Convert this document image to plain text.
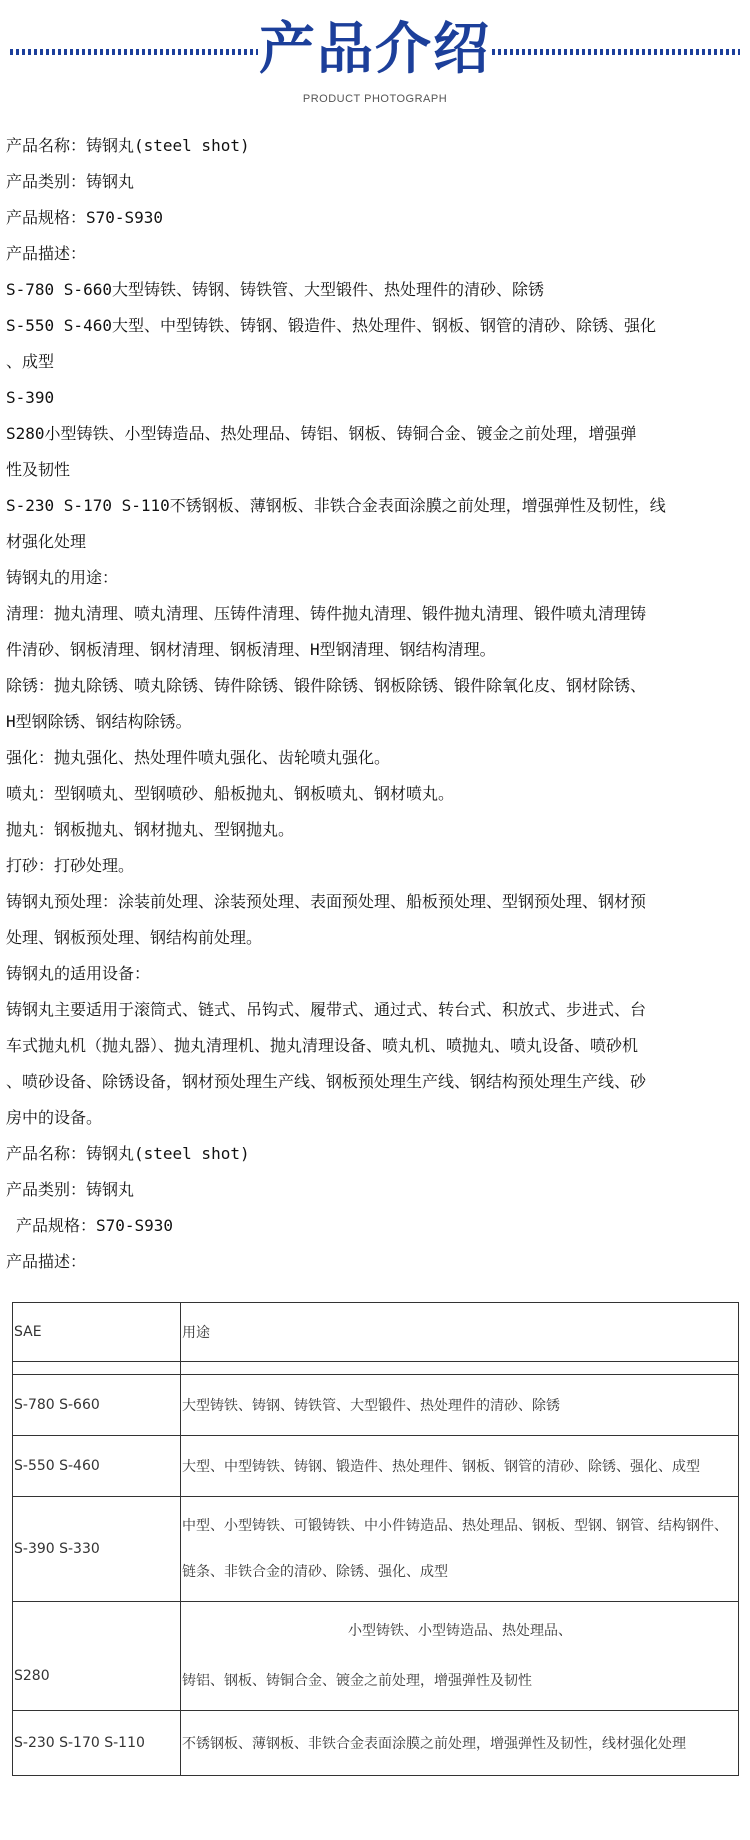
产品介绍
PRODUCT PHOTOGRAPH

产品名称：铸钢丸(steel shot)

产品类别：铸钢丸

产品规格：S70-S930

产品描述：

S-780 S-660大型铸铁、铸钢、铸铁管、大型锻件、热处理件的清砂、除锈

S-550 S-460大型、中型铸铁、铸钢、锻造件、热处理件、钢板、钢管的清砂、除锈、强化

、成型

S-390

S280小型铸铁、小型铸造品、热处理品、铸铝、钢板、铸铜合金、镀金之前处理，增强弹

性及韧性

S-230 S-170 S-110不锈钢板、薄钢板、非铁合金表面涂膜之前处理，增强弹性及韧性，线

材强化处理

铸钢丸的用途：

清理：抛丸清理、喷丸清理、压铸件清理、铸件抛丸清理、锻件抛丸清理、锻件喷丸清理铸

件清砂、钢板清理、钢材清理、钢板清理、H型钢清理、钢结构清理。

除锈：抛丸除锈、喷丸除锈、铸件除锈、锻件除锈、钢板除锈、锻件除氧化皮、钢材除锈、

H型钢除锈、钢结构除锈。

强化：抛丸强化、热处理件喷丸强化、齿轮喷丸强化。

喷丸：型钢喷丸、型钢喷砂、船板抛丸、钢板喷丸、钢材喷丸。

抛丸：钢板抛丸、钢材抛丸、型钢抛丸。

打砂：打砂处理。

铸钢丸预处理：涂装前处理、涂装预处理、表面预处理、船板预处理、型钢预处理、钢材预

处理、钢板预处理、钢结构前处理。

铸钢丸的适用设备：

铸钢丸主要适用于滚筒式、链式、吊钩式、履带式、通过式、转台式、积放式、步进式、台

车式抛丸机（抛丸器）、抛丸清理机、抛丸清理设备、喷丸机、喷抛丸、喷丸设备、喷砂机

、喷砂设备、除锈设备，钢材预处理生产线、钢板预处理生产线、钢结构预处理生产线、砂

房中的设备。

产品名称：铸钢丸(steel shot)

产品类别：铸钢丸

产品规格：S70-S930

产品描述：

SAE	用途

S-780 S-660	大型铸铁、铸钢、铸铁管、大型锻件、热处理件的清砂、除锈
S-550 S-460	大型、中型铸铁、铸钢、锻造件、热处理件、钢板、钢管的清砂、除锈、强化、成型
S-390 S-330	中型、小型铸铁、可锻铸铁、中小件铸造品、热处理品、钢板、型钢、钢管、结构钢件、
链条、非铁合金的清砂、除锈、强化、成型

S280	小型铸铁、小型铸造品、热处理品、
铸铝、钢板、铸铜合金、镀金之前处理，增强弹性及韧性

S-230 S-170 S-110	不锈钢板、薄钢板、非铁合金表面涂膜之前处理，增强弹性及韧性，线材强化处理
